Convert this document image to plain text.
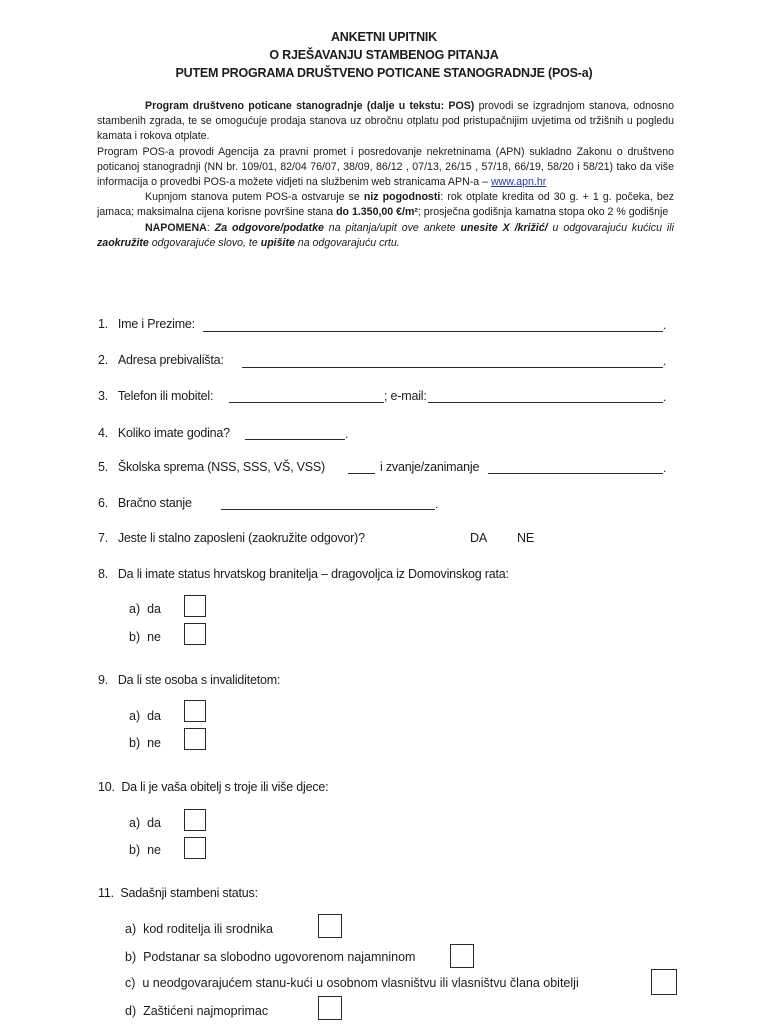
ANKETNI UPITNIK
O RJEŠAVANJU STAMBENOG PITANJA
PUTEM PROGRAMA DRUŠTVENO POTICANE STANOGRADNJE (POS-a)

Program društveno poticane stanogradnje (dalje u tekstu: POS) provodi se izgradnjom stanova, odnosno stambenih zgrada, te se omogućuje prodaja stanova uz obročnu otplatu pod pristupačnijim uvjetima od tržišnih u pogledu kamata i rokova otplate.

Program POS-a provodi Agencija za pravni promet i posredovanje nekretninama (APN) sukladno Zakonu o društveno poticanoj stanogradnji (NN br. 109/01, 82/04 76/07, 38/09, 86/12 , 07/13, 26/15 , 57/18, 66/19, 58/20 i 58/21) tako da više informacija o provedbi POS-a možete vidjeti na službenim web stranicama APN-a – www.apn.hr

Kupnjom stanova putem POS-a ostvaruje se niz pogodnosti: rok otplate kredita od 30 g. + 1 g. počeka, bez jamaca; maksimalna cijena korisne površine stana do 1.350,00 €/m²; prosječna godišnja kamatna stopa oko 2 % godišnje

NAPOMENA: Za odgovore/podatke na pitanja/upit ove ankete unesite X /križić/ u odgovarajuću kućicu ili zaokružite odgovarajuće slovo, te upišite na odgovarajuću crtu.

1. Ime i Prezime:	.
2. Adresa prebivališta:	.
3. Telefon ili mobitel:	; e-mail:	.
4. Koliko imate godina?	.
5. Školska sprema (NSS, SSS, VŠ, VSS)	i zvanje/zanimanje	.
6. Bračno stanje	.
7. Jeste li stalno zaposleni (zaokružite odgovor)?	DA NE
8. Da li imate status hrvatskog branitelja – dragovoljca iz Domovinskog rata:
a) da
b) ne
9. Da li ste osoba s invaliditetom:
a) da
b) ne
10. Da li je vaša obitelj s troje ili više djece:
a) da
b) ne
11. Sadašnji stambeni status:
a) kod roditelja ili srodnika
b) Podstanar sa slobodno ugovorenom najamninom
c) u neodgovarajućem stanu-kući u osobnom vlasništvu ili vlasništvu člana obitelji
d) Zaštićeni najmoprimac
